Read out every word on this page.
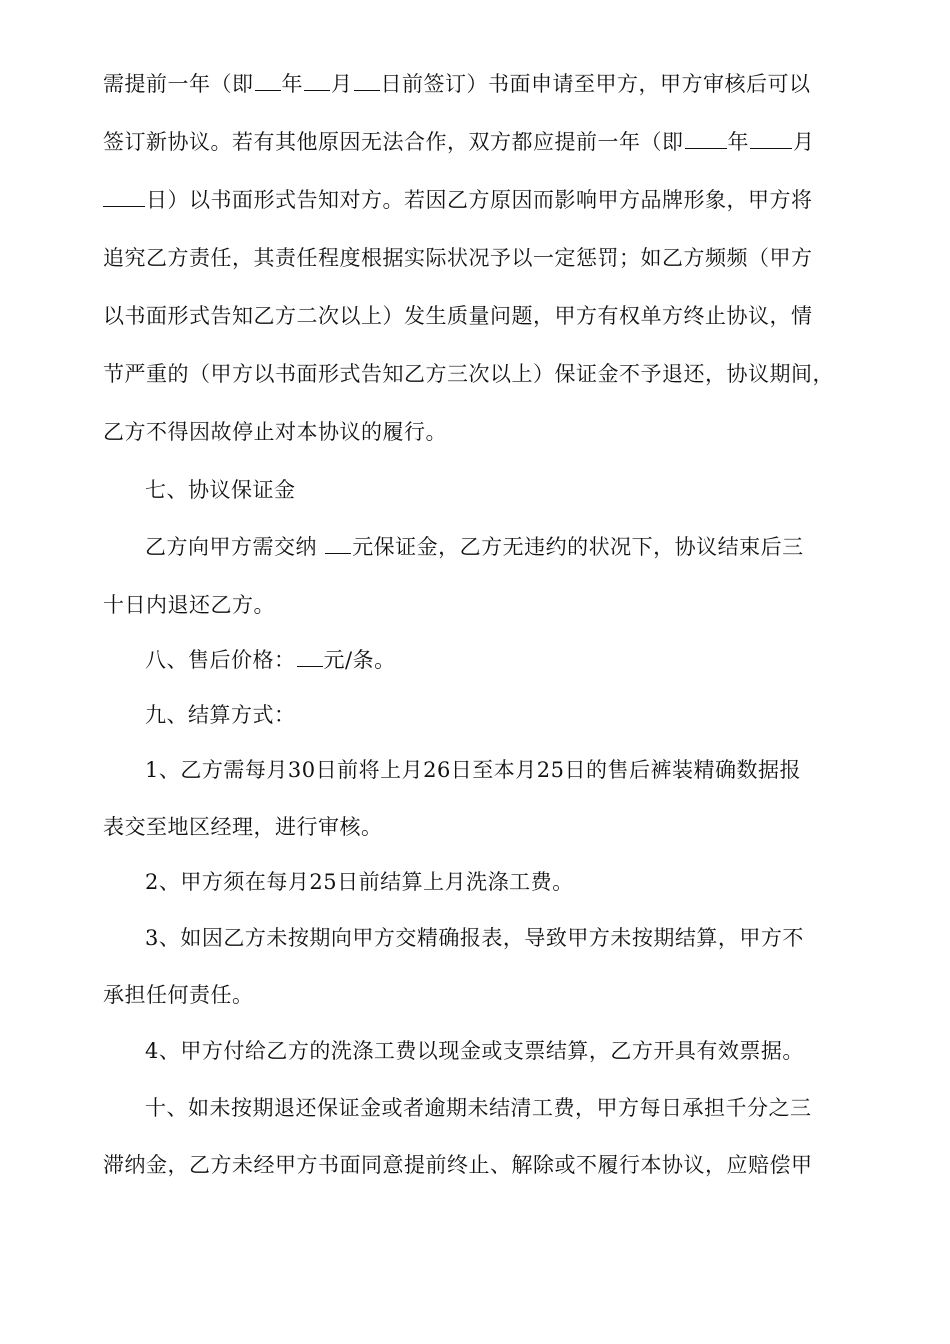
需提前一年（即 年 月 日前签订）书面申请至甲方，甲方审核后可以
签订新协议。若有其他原因无法合作，双方都应提前一年（即 年 月
日）以书面形式告知对方。若因乙方原因而影响甲方品牌形象，甲方将
追究乙方责任，其责任程度根据实际状况予以一定惩罚；如乙方频频（甲方
以书面形式告知乙方二次以上）发生质量问题，甲方有权单方终止协议，情
节严重的（甲方以书面形式告知乙方三次以上）保证金不予退还，协议期间，
乙方不得因故停止对本协议的履行。
七、协议保证金
乙方向甲方需交纳 元保证金，乙方无违约的状况下，协议结束后三
十日内退还乙方。
八、售后价格： 元/条。
九、结算方式：
1、乙方需每月30日前将上月26日至本月25日的售后裤装精确数据报
表交至地区经理，进行审核。
2、甲方须在每月25日前结算上月洗涤工费。
3、如因乙方未按期向甲方交精确报表，导致甲方未按期结算，甲方不
承担任何责任。
4、甲方付给乙方的洗涤工费以现金或支票结算，乙方开具有效票据。
十、如未按期退还保证金或者逾期未结清工费，甲方每日承担千分之三
滞纳金，乙方未经甲方书面同意提前终止、解除或不履行本协议，应赔偿甲
